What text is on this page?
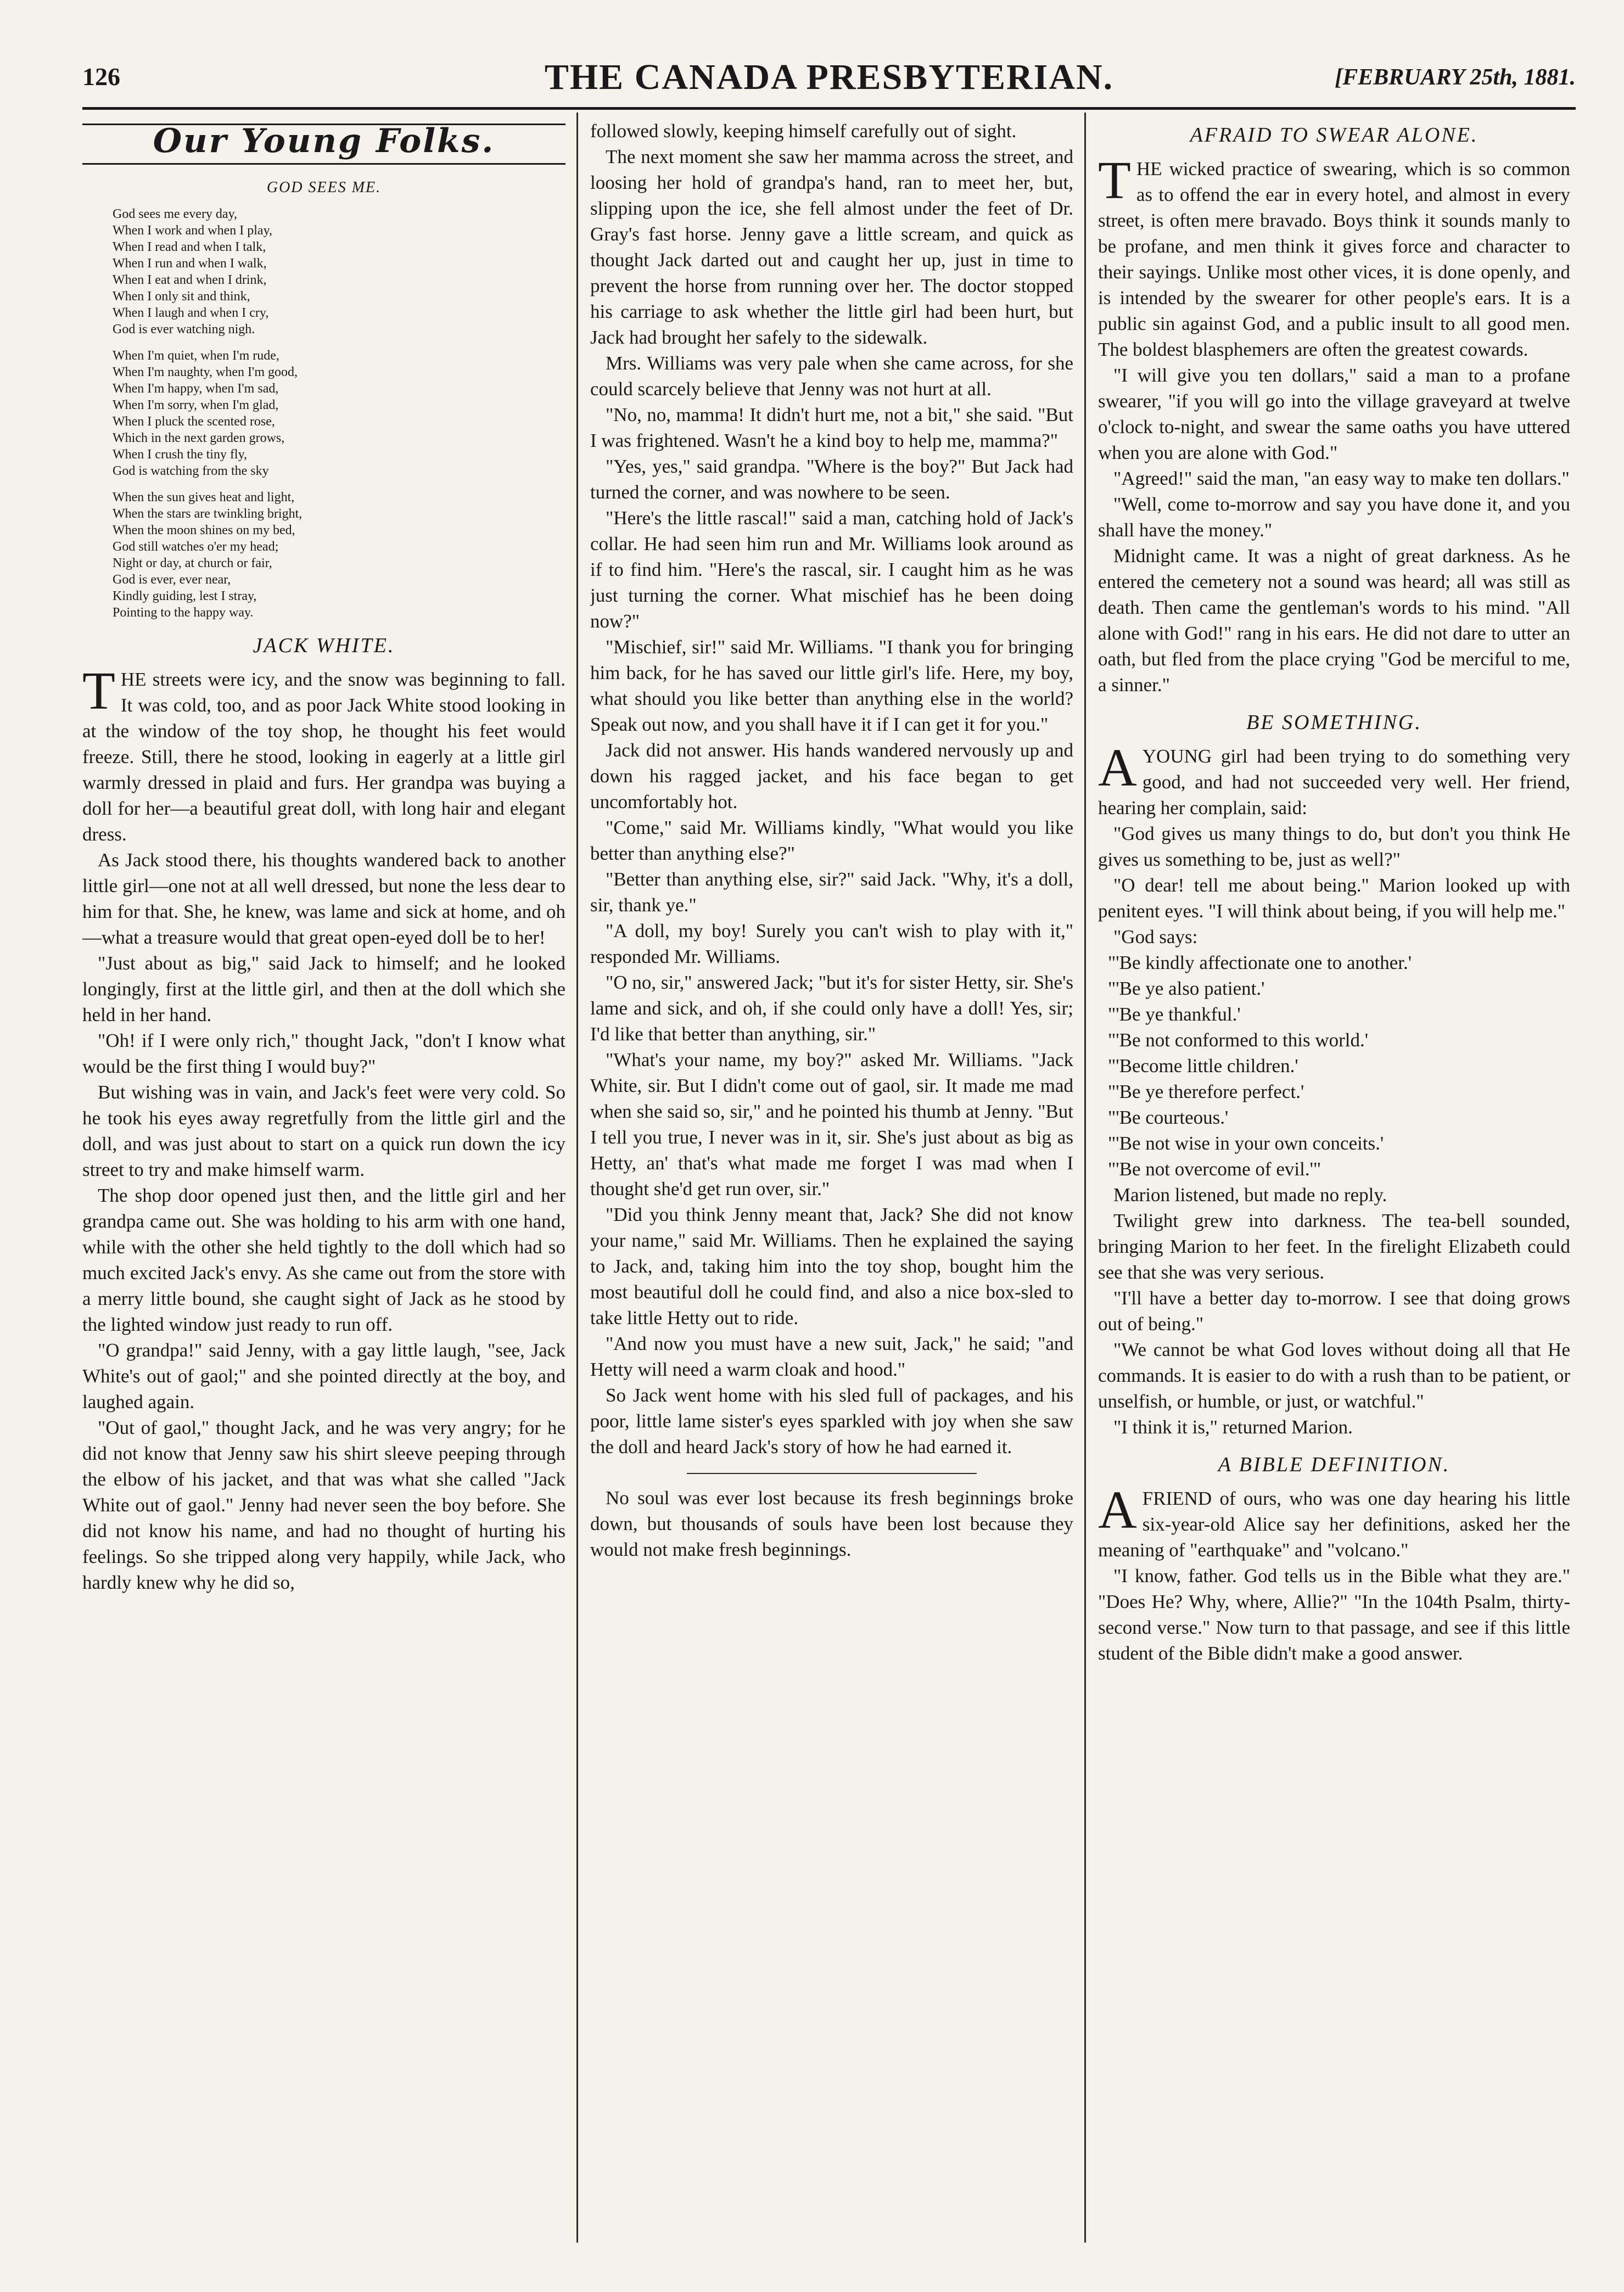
126	THE CANADA PRESBYTERIAN.	[FEBRUARY 25th, 1881.
Our Young Folks.
GOD SEES ME.
God sees me every day,
When I work and when I play,
When I read and when I talk,
When I run and when I walk,
When I eat and when I drink,
When I only sit and think,
When I laugh and when I cry,
God is ever watching nigh.
When I'm quiet, when I'm rude,
When I'm naughty, when I'm good,
When I'm happy, when I'm sad,
When I'm sorry, when I'm glad,
When I pluck the scented rose,
Which in the next garden grows,
When I crush the tiny fly,
God is watching from the sky
When the sun gives heat and light,
When the stars are twinkling bright,
When the moon shines on my bed,
God still watches o'er my head;
Night or day, at church or fair,
God is ever, ever near,
Kindly guiding, lest I stray,
Pointing to the happy way.
JACK WHITE.

THE streets were icy, and the snow was beginning to fall. It was cold, too, and as poor Jack White stood looking in at the window of the toy shop, he thought his feet would freeze. Still, there he stood, looking in eagerly at a little girl warmly dressed in plaid and furs. Her grandpa was buying a doll for her—a beautiful great doll, with long hair and elegant dress.

As Jack stood there, his thoughts wandered back to another little girl—one not at all well dressed, but none the less dear to him for that. She, he knew, was lame and sick at home, and oh—what a treasure would that great open-eyed doll be to her!

"Just about as big," said Jack to himself; and he looked longingly, first at the little girl, and then at the doll which she held in her hand.

"Oh! if I were only rich," thought Jack, "don't I know what would be the first thing I would buy?"

But wishing was in vain, and Jack's feet were very cold. So he took his eyes away regretfully from the little girl and the doll, and was just about to start on a quick run down the icy street to try and make himself warm.

The shop door opened just then, and the little girl and her grandpa came out. She was holding to his arm with one hand, while with the other she held tightly to the doll which had so much excited Jack's envy. As she came out from the store with a merry little bound, she caught sight of Jack as he stood by the lighted window just ready to run off.

"O grandpa!" said Jenny, with a gay little laugh, "see, Jack White's out of gaol;" and she pointed directly at the boy, and laughed again.

"Out of gaol," thought Jack, and he was very angry; for he did not know that Jenny saw his shirt sleeve peeping through the elbow of his jacket, and that was what she called "Jack White out of gaol." Jenny had never seen the boy before. She did not know his name, and had no thought of hurting his feelings. So she tripped along very happily, while Jack, who hardly knew why he did so,

followed slowly, keeping himself carefully out of sight.

The next moment she saw her mamma across the street, and loosing her hold of grandpa's hand, ran to meet her, but, slipping upon the ice, she fell almost under the feet of Dr. Gray's fast horse. Jenny gave a little scream, and quick as thought Jack darted out and caught her up, just in time to prevent the horse from running over her. The doctor stopped his carriage to ask whether the little girl had been hurt, but Jack had brought her safely to the sidewalk.

Mrs. Williams was very pale when she came across, for she could scarcely believe that Jenny was not hurt at all.

"No, no, mamma! It didn't hurt me, not a bit," she said. "But I was frightened. Wasn't he a kind boy to help me, mamma?"

"Yes, yes," said grandpa. "Where is the boy?" But Jack had turned the corner, and was nowhere to be seen.

"Here's the little rascal!" said a man, catching hold of Jack's collar. He had seen him run and Mr. Williams look around as if to find him. "Here's the rascal, sir. I caught him as he was just turning the corner. What mischief has he been doing now?"

"Mischief, sir!" said Mr. Williams. "I thank you for bringing him back, for he has saved our little girl's life. Here, my boy, what should you like better than anything else in the world? Speak out now, and you shall have it if I can get it for you."

Jack did not answer. His hands wandered nervously up and down his ragged jacket, and his face began to get uncomfortably hot.

"Come," said Mr. Williams kindly, "What would you like better than anything else?"

"Better than anything else, sir?" said Jack. "Why, it's a doll, sir, thank ye."

"A doll, my boy! Surely you can't wish to play with it," responded Mr. Williams.

"O no, sir," answered Jack; "but it's for sister Hetty, sir. She's lame and sick, and oh, if she could only have a doll! Yes, sir; I'd like that better than anything, sir."

"What's your name, my boy?" asked Mr. Williams. "Jack White, sir. But I didn't come out of gaol, sir. It made me mad when she said so, sir," and he pointed his thumb at Jenny. "But I tell you true, I never was in it, sir. She's just about as big as Hetty, an' that's what made me forget I was mad when I thought she'd get run over, sir."

"Did you think Jenny meant that, Jack? She did not know your name," said Mr. Williams. Then he explained the saying to Jack, and, taking him into the toy shop, bought him the most beautiful doll he could find, and also a nice box-sled to take little Hetty out to ride.

"And now you must have a new suit, Jack," he said; "and Hetty will need a warm cloak and hood."

So Jack went home with his sled full of packages, and his poor, little lame sister's eyes sparkled with joy when she saw the doll and heard Jack's story of how he had earned it.

No soul was ever lost because its fresh beginnings broke down, but thousands of souls have been lost because they would not make fresh beginnings.

AFRAID TO SWEAR ALONE.

THE wicked practice of swearing, which is so common as to offend the ear in every hotel, and almost in every street, is often mere bravado. Boys think it sounds manly to be profane, and men think it gives force and character to their sayings. Unlike most other vices, it is done openly, and is intended by the swearer for other people's ears. It is a public sin against God, and a public insult to all good men. The boldest blasphemers are often the greatest cowards.

"I will give you ten dollars," said a man to a profane swearer, "if you will go into the village graveyard at twelve o'clock to-night, and swear the same oaths you have uttered when you are alone with God."

"Agreed!" said the man, "an easy way to make ten dollars."

"Well, come to-morrow and say you have done it, and you shall have the money."

Midnight came. It was a night of great darkness. As he entered the cemetery not a sound was heard; all was still as death. Then came the gentleman's words to his mind. "All alone with God!" rang in his ears. He did not dare to utter an oath, but fled from the place crying "God be merciful to me, a sinner."

BE SOMETHING.

A YOUNG girl had been trying to do something very good, and had not succeeded very well. Her friend, hearing her complain, said:

"God gives us many things to do, but don't you think He gives us something to be, just as well?"

"O dear! tell me about being." Marion looked up with penitent eyes. "I will think about being, if you will help me."

"God says:

"'Be kindly affectionate one to another.'

"'Be ye also patient.'

"'Be ye thankful.'

"'Be not conformed to this world.'

"'Become little children.'

"'Be ye therefore perfect.'

"'Be courteous.'

"'Be not wise in your own conceits.'

"'Be not overcome of evil.'"

Marion listened, but made no reply.

Twilight grew into darkness. The tea-bell sounded, bringing Marion to her feet. In the firelight Elizabeth could see that she was very serious.

"I'll have a better day to-morrow. I see that doing grows out of being."

"We cannot be what God loves without doing all that He commands. It is easier to do with a rush than to be patient, or unselfish, or humble, or just, or watchful."

"I think it is," returned Marion.

A BIBLE DEFINITION.

A FRIEND of ours, who was one day hearing his little six-year-old Alice say her definitions, asked her the meaning of "earthquake" and "volcano."

"I know, father. God tells us in the Bible what they are." "Does He? Why, where, Allie?" "In the 104th Psalm, thirty-second verse." Now turn to that passage, and see if this little student of the Bible didn't make a good answer.
